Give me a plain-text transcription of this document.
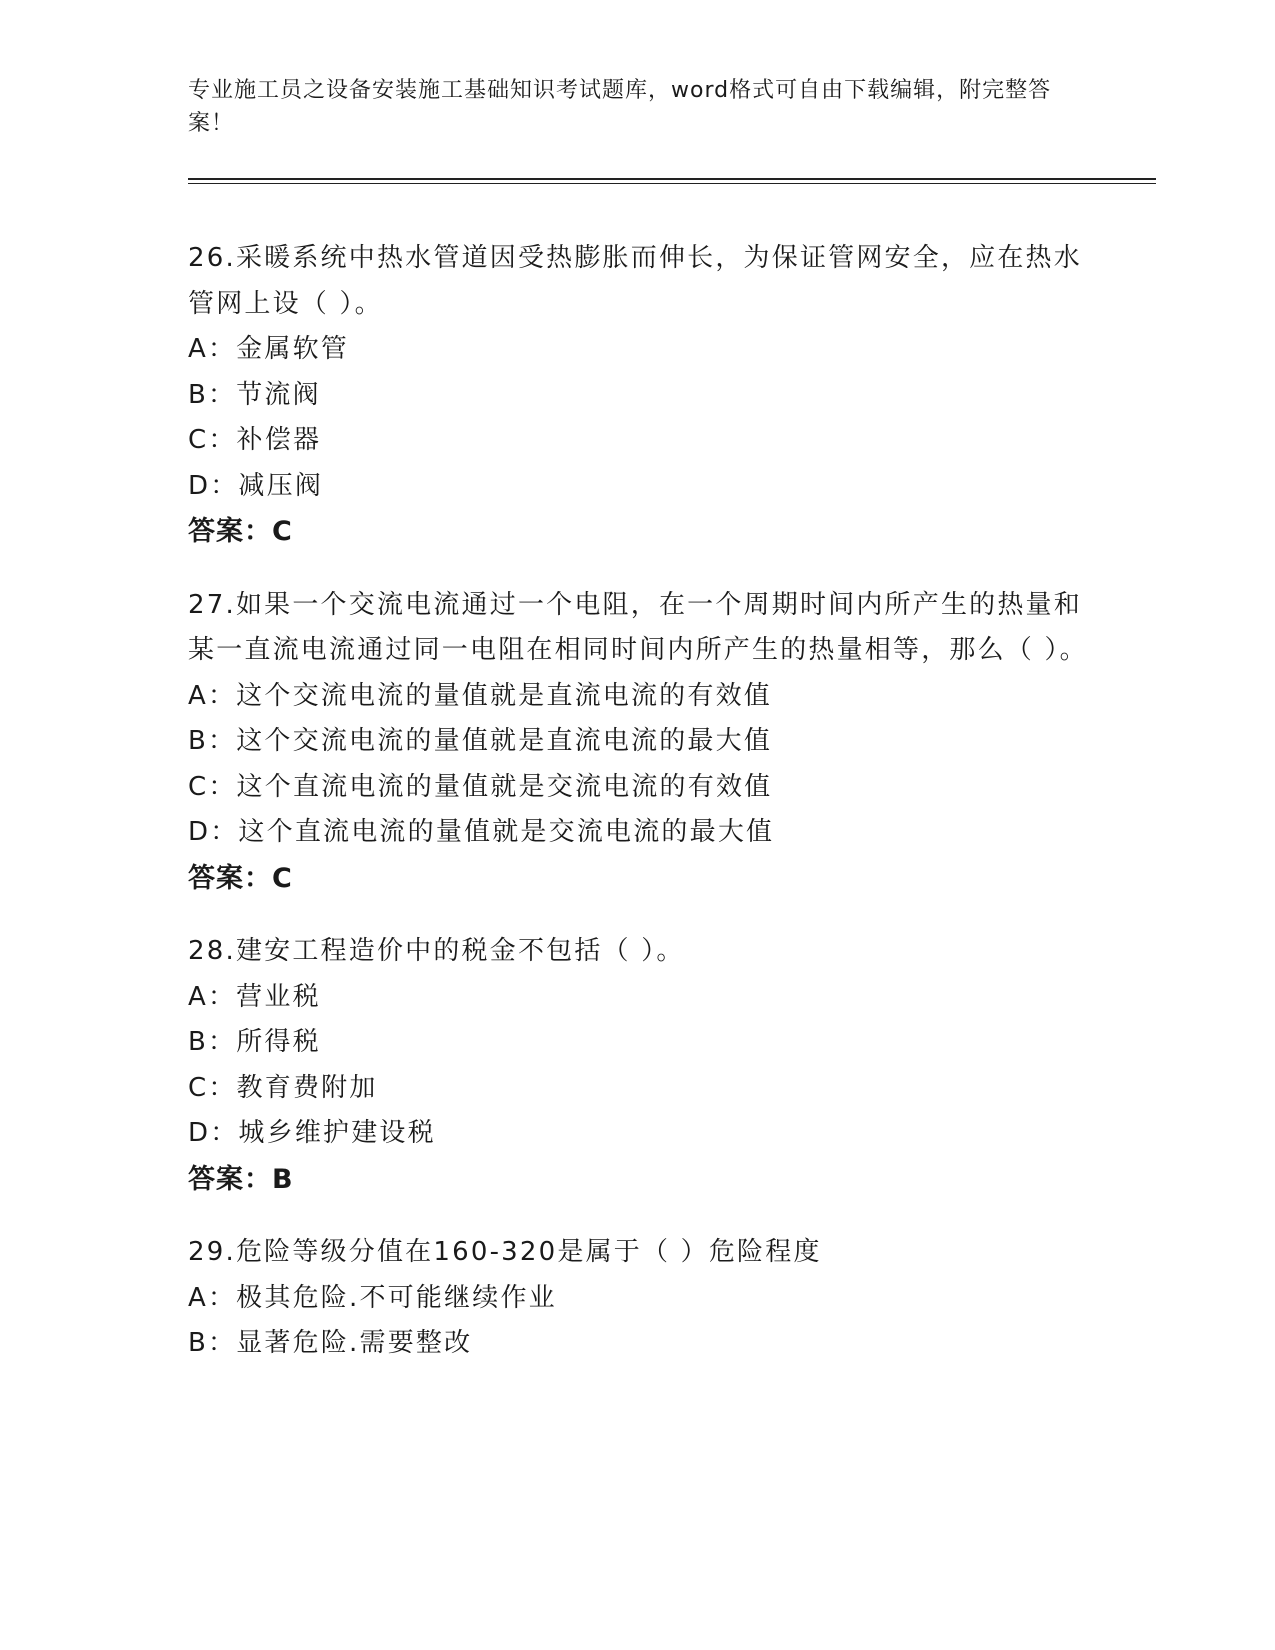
专业施工员之设备安装施工基础知识考试题库，word格式可自由下载编辑，附完整答案！

26.采暖系统中热水管道因受热膨胀而伸长，为保证管网安全，应在热水管网上设（ ）。

A：金属软管

B：节流阀

C：补偿器

D：减压阀

答案：C

27.如果一个交流电流通过一个电阻，在一个周期时间内所产生的热量和某一直流电流通过同一电阻在相同时间内所产生的热量相等，那么（ ）。

A：这个交流电流的量值就是直流电流的有效值

B：这个交流电流的量值就是直流电流的最大值

C：这个直流电流的量值就是交流电流的有效值

D：这个直流电流的量值就是交流电流的最大值

答案：C

28.建安工程造价中的税金不包括（ ）。

A：营业税

B：所得税

C：教育费附加

D：城乡维护建设税

答案：B

29.危险等级分值在160-320是属于（ ）危险程度

A：极其危险.不可能继续作业

B：显著危险.需要整改
